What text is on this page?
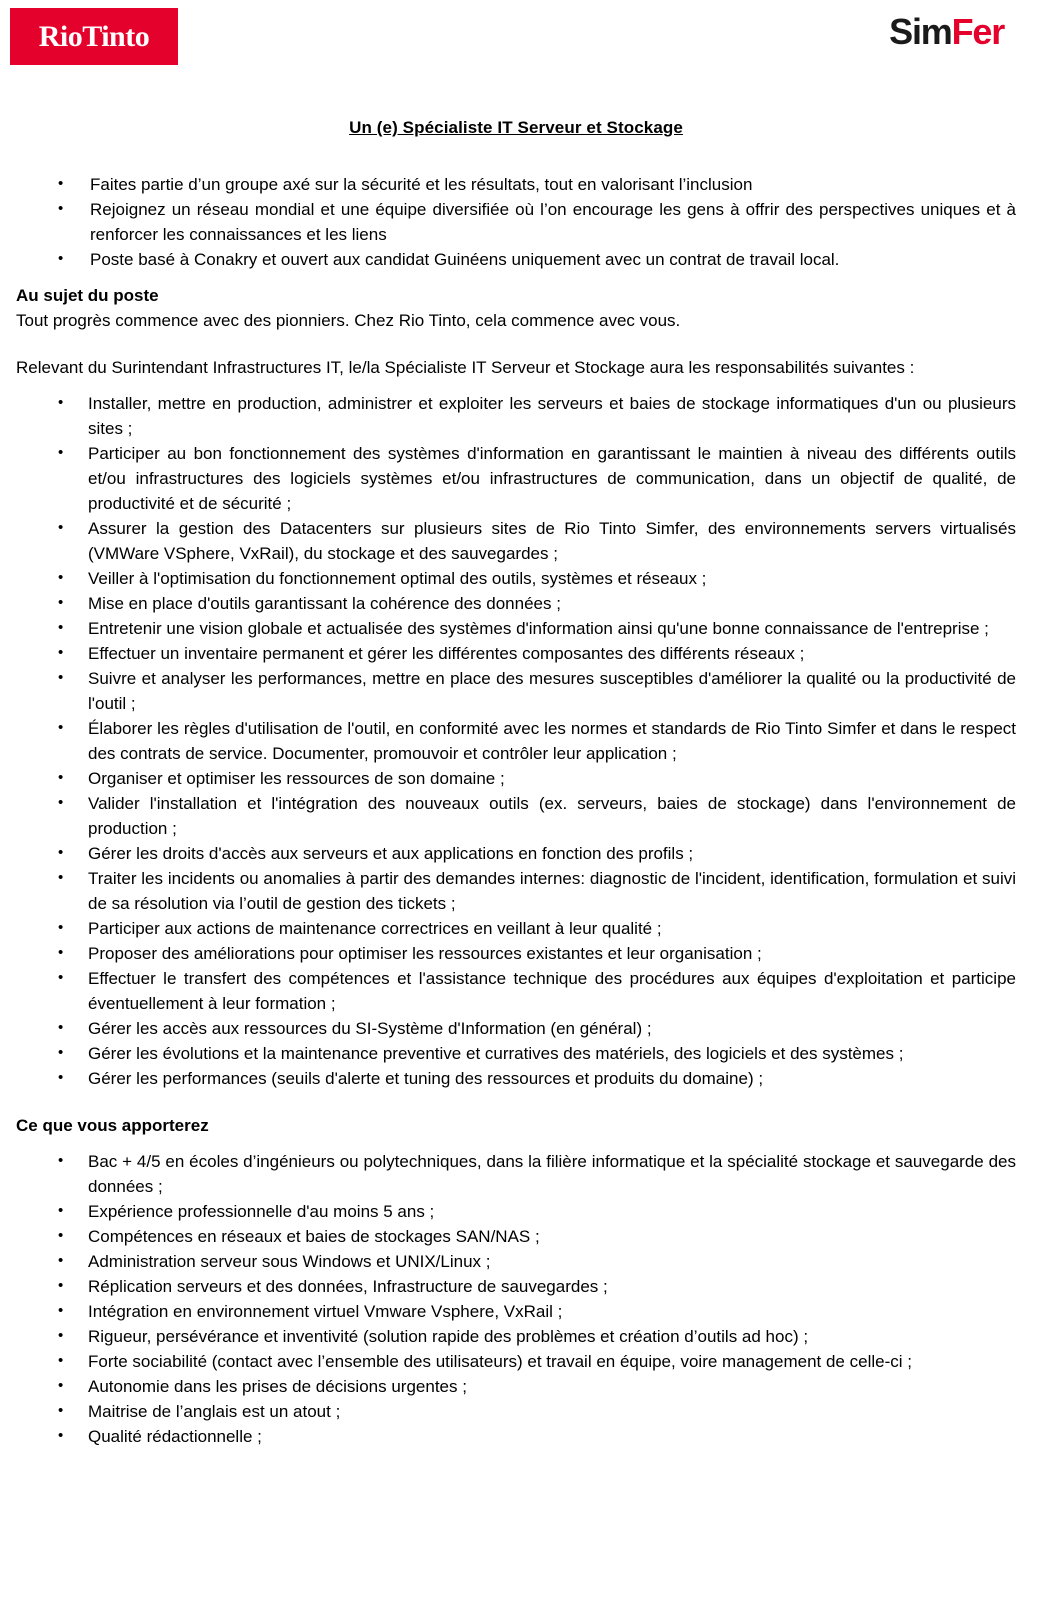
RioTinto	SimFer
Un (e) Spécialiste IT Serveur et Stockage
• Faites partie d’un groupe axé sur la sécurité et les résultats, tout en valorisant l’inclusion
• Rejoignez un réseau mondial et une équipe diversifiée où l’on encourage les gens à offrir des perspectives uniques et à renforcer les connaissances et les liens
• Poste basé à Conakry et ouvert aux candidat Guinéens uniquement avec un contrat de travail local.

Au sujet du poste

Tout progrès commence avec des pionniers. Chez Rio Tinto, cela commence avec vous.

Relevant du Surintendant Infrastructures IT, le/la Spécialiste IT Serveur et Stockage aura les responsabilités suivantes :

• Installer, mettre en production, administrer et exploiter les serveurs et baies de stockage informatiques d'un ou plusieurs sites ;
• Participer au bon fonctionnement des systèmes d'information en garantissant le maintien à niveau des différents outils et/ou infrastructures des logiciels systèmes et/ou infrastructures de communication, dans un objectif de qualité, de productivité et de sécurité ;
• Assurer la gestion des Datacenters sur plusieurs sites de Rio Tinto Simfer, des environnements servers virtualisés (VMWare VSphere, VxRail), du stockage et des sauvegardes ;
• Veiller à l'optimisation du fonctionnement optimal des outils, systèmes et réseaux ;
• Mise en place d'outils garantissant la cohérence des données ;
• Entretenir une vision globale et actualisée des systèmes d'information ainsi qu'une bonne connaissance de l'entreprise ;
• Effectuer un inventaire permanent et gérer les différentes composantes des différents réseaux ;
• Suivre et analyser les performances, mettre en place des mesures susceptibles d'améliorer la qualité ou la productivité de l'outil ;
• Élaborer les règles d'utilisation de l'outil, en conformité avec les normes et standards de Rio Tinto Simfer et dans le respect des contrats de service. Documenter, promouvoir et contrôler leur application ;
• Organiser et optimiser les ressources de son domaine ;
• Valider l'installation et l'intégration des nouveaux outils (ex. serveurs, baies de stockage) dans l'environnement de production ;
• Gérer les droits d'accès aux serveurs et aux applications en fonction des profils ;
• Traiter les incidents ou anomalies à partir des demandes internes: diagnostic de l'incident, identification, formulation et suivi de sa résolution via l’outil de gestion des tickets ;
• Participer aux actions de maintenance correctrices en veillant à leur qualité ;
• Proposer des améliorations pour optimiser les ressources existantes et leur organisation ;
• Effectuer le transfert des compétences et l'assistance technique des procédures aux équipes d'exploitation et participe éventuellement à leur formation ;
• Gérer les accès aux ressources du SI-Système d'Information (en général) ;
• Gérer les évolutions et la maintenance preventive et curratives des matériels, des logiciels et des systèmes ;
• Gérer les performances (seuils d'alerte et tuning des ressources et produits du domaine) ;

Ce que vous apporterez

• Bac + 4/5 en écoles d’ingénieurs ou polytechniques, dans la filière informatique et la spécialité stockage et sauvegarde des données ;
• Expérience professionnelle d'au moins 5 ans ;
• Compétences en réseaux et baies de stockages SAN/NAS ;
• Administration serveur sous Windows et UNIX/Linux ;
• Réplication serveurs et des données, Infrastructure de sauvegardes ;
• Intégration en environnement virtuel Vmware Vsphere, VxRail ;
• Rigueur, persévérance et inventivité (solution rapide des problèmes et création d’outils ad hoc) ;
• Forte sociabilité (contact avec l’ensemble des utilisateurs) et travail en équipe, voire management de celle-ci ;
• Autonomie dans les prises de décisions urgentes ;
• Maitrise de l’anglais est un atout ;
• Qualité rédactionnelle ;
